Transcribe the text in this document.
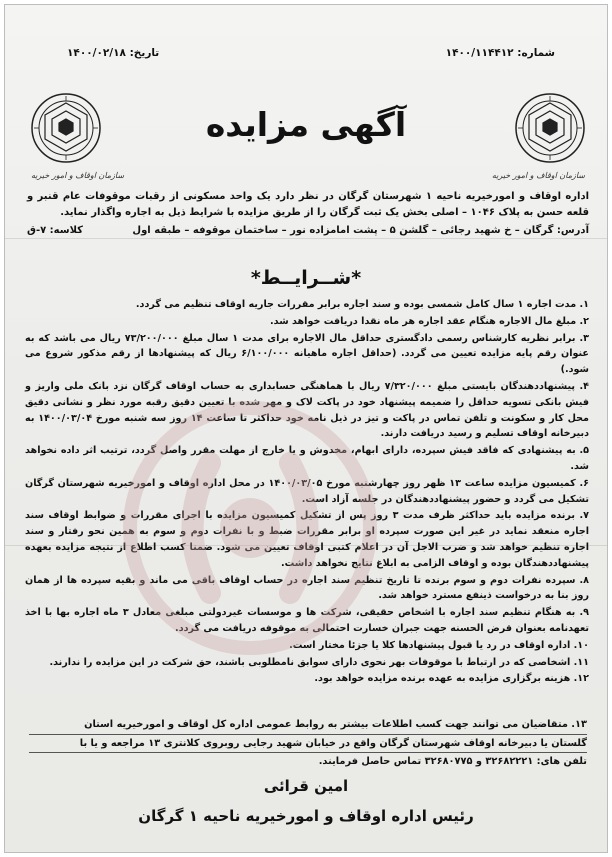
شماره: ۱۴۰۰/۱۱۴۴۱۲
تاریخ: ۱۴۰۰/۰۲/۱۸
سازمان اوقاف و امور خیریه
سازمان اوقاف و امور خیریه
آگهی مزایده

اداره اوقاف و امورخیریه ناحیه ۱ شهرستان گرگان در نظر دارد یک واحد مسکونی از رقبات موقوفات عام قنبر و قلعه حسن به پلاک ۱۰۴۶ – اصلی بخش یک ثبت گرگان را از طریق مزایده با شرایط ذیل به اجاره واگذار نماید.

آدرس: گرگان – خ شهید رجائی – گلشن ۵ – پشت امامزاده نور – ساختمان موقوفه – طبقه اول
کلاسه: ۷-ق
*شــرایــط*
۱. مدت اجاره ۱ سال کامل شمسی بوده و سند اجاره برابر مقررات جاریه اوقاف تنظیم می گردد.
۲. مبلغ مال الاجاره هنگام عقد اجاره هر ماه نقدا دریافت خواهد شد.
۳. برابر نظریه کارشناس رسمی دادگستری حداقل مال الاجاره برای مدت ۱ سال مبلغ ۷۳/۲۰۰/۰۰۰ ریال می باشد که به عنوان رقم پایه مزایده تعیین می گردد. (حداقل اجاره ماهیانه ۶/۱۰۰/۰۰۰ ریال که پیشنهادها از رقم مذکور شروع می شود.)
۴. پیشنهاددهندگان بایستی مبلغ ۷/۳۲۰/۰۰۰ ریال با هماهنگی حسابداری به حساب اوقاف گرگان نزد بانک ملی واریز و فیش بانکی تسویه حداقل را ضمیمه پیشنهاد خود در پاکت لاک و مهر شده با تعیین دقیق رقبه مورد نظر و نشانی دقیق محل کار و سکونت و تلفن تماس در پاکت و تیز در ذیل نامه خود حداکثر تا ساعت ۱۴ روز سه شنبه مورخ ۱۴۰۰/۰۳/۰۴ به دبیرخانه اوقاف تسلیم و رسید دریافت دارند.
۵. به پیشنهادی که فاقد فیش سپرده، دارای ابهام، مخدوش و یا خارج از مهلت مقرر واصل گردد، ترتیب اثر داده نخواهد شد.
۶. کمیسیون مزایده ساعت ۱۳ ظهر روز چهارشنبه مورخ ۱۴۰۰/۰۳/۰۵ در محل اداره اوقاف و امورخیریه شهرستان گرگان تشکیل می گردد و حضور پیشنهاددهندگان در جلسه آزاد است.
۷. برنده مزایده باید حداکثر ظرف مدت ۳ روز پس از تشکیل کمیسیون مزایده با اجرای مقررات و ضوابط اوقاف سند اجاره منعقد نماید در غیر این صورت سپرده او برابر مقررات ضبط و با نفرات دوم و سوم به همین نحو رفتار و سند اجاره تنظیم خواهد شد و ضرب الاجل آن در اعلام کتبی اوقاف تعیین می شود. ضمنا کسب اطلاع از نتیجه مزایده بعهده پیشنهاددهندگان بوده و اوقاف الزامی به ابلاغ نتایج نخواهد داشت.
۸. سپرده نفرات دوم و سوم برنده تا تاریخ تنظیم سند اجاره در حساب اوقاف باقی می ماند و بقیه سپرده ها از همان روز بنا به درخواست ذینفع مسترد خواهد شد.
۹. به هنگام تنظیم سند اجاره با اشخاص حقیقی، شرکت ها و موسسات غیردولتی مبلغی معادل ۳ ماه اجاره بها با اخذ تعهدنامه بعنوان قرض الحسنه جهت جبران خسارت احتمالی به موقوفه دریافت می گردد.
۱۰. اداره اوقاف در رد یا قبول پیشنهادها کلا یا جزئا مختار است.
۱۱. اشخاصی که در ارتباط با موقوفات بهر نحوی دارای سوابق نامطلوبی باشند، حق شرکت در این مزایده را ندارند.
۱۲. هزینه برگزاری مزایده به عهده برنده مزایده خواهد بود.

۱۳. متقاضیان می توانند جهت کسب اطلاعات بیشتر به روابط عمومی اداره کل اوقاف و امورخیریه استان

گلستان یا دبیرخانه اوقاف شهرستان گرگان واقع در خیابان شهید رجایی روبروی کلانتری ۱۳ مراجعه و یا با

تلفن های: ۳۲۶۸۲۲۲۱ و ۳۲۶۸۰۷۷۵ تماس حاصل فرمایند.

امین قرائی
رئیس اداره اوقاف و امورخیریه ناحیه ۱ گرگان
